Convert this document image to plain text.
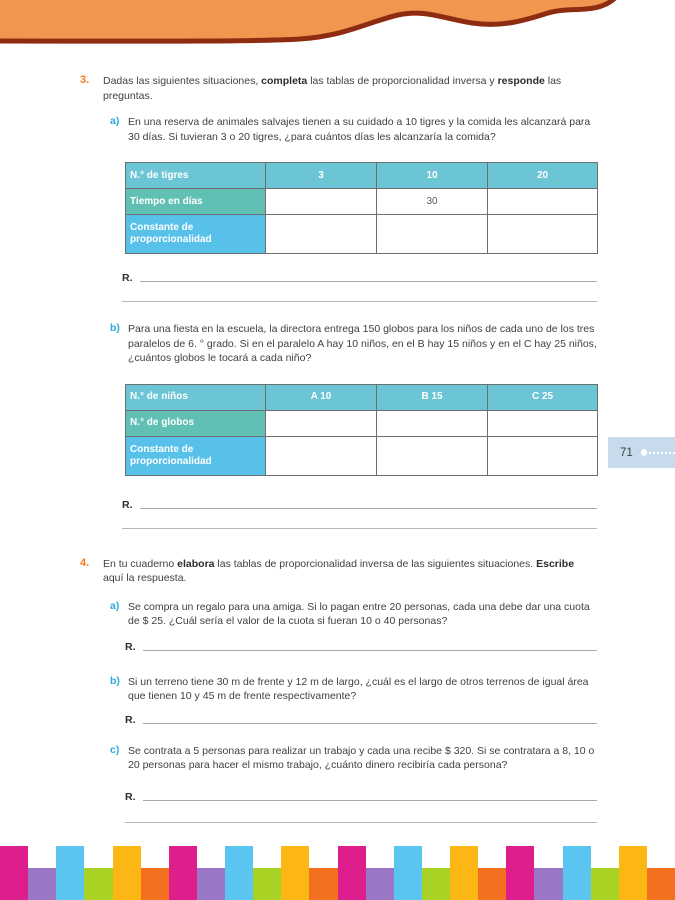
3.	Dadas las siguientes situaciones, completa las tablas de proporcionalidad inversa y responde las preguntas.
a) En una reserva de animales salvajes tienen a su cuidado a 10 tigres y la comida les alcanzará para 30 días. Si tuvieran 3 o 20 tigres, ¿para cuántos días les alcanzaría la comida?
N.° de tigres	3	10	20
Tiempo en días		30	
Constante de proporcionalidad			
R.
b) Para una fiesta en la escuela, la directora entrega 150 globos para los niños de cada uno de los tres paralelos de 6. ° grado. Si en el paralelo A hay 10 niños, en el B hay 15 niños y en el C hay 25 niños, ¿cuántos globos le tocará a cada niño?
N.° de niños	A 10	B 15	C 25
N.° de globos			
Constante de proporcionalidad			
R.
4.	En tu cuaderno elabora las tablas de proporcionalidad inversa de las siguientes situaciones. Escribe aquí la respuesta.
a) Se compra un regalo para una amiga. Si lo pagan entre 20 personas, cada una debe dar una cuota de $ 25. ¿Cuál sería el valor de la cuota si fueran 10 o 40 personas?
R.
b) Si un terreno tiene 30 m de frente y 12 m de largo, ¿cuál es el largo de otros terrenos de igual área que tienen 10 y 45 m de frente respectivamente?
R.
c) Se contrata a 5 personas para realizar un trabajo y cada una recibe $ 320. Si se contratara a 8, 10 o 20 personas para hacer el mismo trabajo, ¿cuánto dinero recibiría cada persona?
R.
71
